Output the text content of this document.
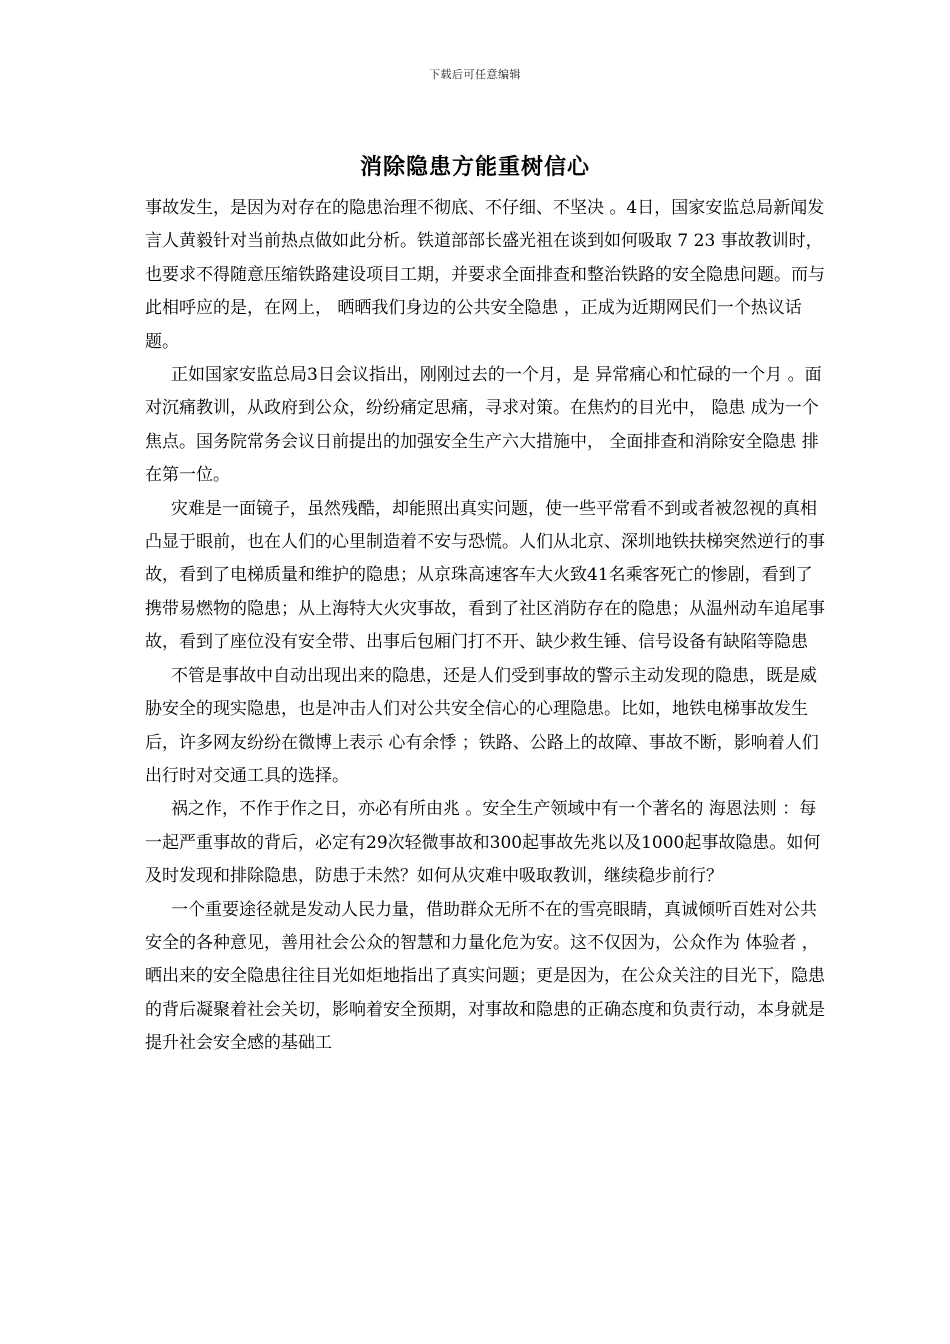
下载后可任意编辑
消除隐患方能重树信心

事故发生，是因为对存在的隐患治理不彻底、不仔细、不坚决 。4日，国家安监总局新闻发言人黄毅针对当前热点做如此分析。铁道部部长盛光祖在谈到如何吸取 7 23 事故教训时，也要求不得随意压缩铁路建设项目工期，并要求全面排查和整治铁路的安全隐患问题。而与此相呼应的是，在网上， 晒晒我们身边的公共安全隐患 ，正成为近期网民们一个热议话题。

正如国家安监总局3日会议指出，刚刚过去的一个月，是 异常痛心和忙碌的一个月 。面对沉痛教训，从政府到公众，纷纷痛定思痛，寻求对策。在焦灼的目光中， 隐患 成为一个焦点。国务院常务会议日前提出的加强安全生产六大措施中， 全面排查和消除安全隐患 排在第一位。

灾难是一面镜子，虽然残酷，却能照出真实问题，使一些平常看不到或者被忽视的真相凸显于眼前，也在人们的心里制造着不安与恐慌。人们从北京、深圳地铁扶梯突然逆行的事故，看到了电梯质量和维护的隐患；从京珠高速客车大火致41名乘客死亡的惨剧，看到了携带易燃物的隐患；从上海特大火灾事故，看到了社区消防存在的隐患；从温州动车追尾事故，看到了座位没有安全带、出事后包厢门打不开、缺少救生锤、信号设备有缺陷等隐患

不管是事故中自动出现出来的隐患，还是人们受到事故的警示主动发现的隐患，既是威胁安全的现实隐患，也是冲击人们对公共安全信心的心理隐患。比如，地铁电梯事故发生后，许多网友纷纷在微博上表示 心有余悸 ；铁路、公路上的故障、事故不断，影响着人们出行时对交通工具的选择。

祸之作，不作于作之日，亦必有所由兆 。安全生产领域中有一个著名的 海恩法则 ：每一起严重事故的背后，必定有29次轻微事故和300起事故先兆以及1000起事故隐患。如何及时发现和排除隐患，防患于未然？如何从灾难中吸取教训，继续稳步前行？

一个重要途径就是发动人民力量，借助群众无所不在的雪亮眼睛，真诚倾听百姓对公共安全的各种意见，善用社会公众的智慧和力量化危为安。这不仅因为，公众作为 体验者 ，晒出来的安全隐患往往目光如炬地指出了真实问题；更是因为，在公众关注的目光下，隐患的背后凝聚着社会关切，影响着安全预期，对事故和隐患的正确态度和负责行动，本身就是提升社会安全感的基础工
